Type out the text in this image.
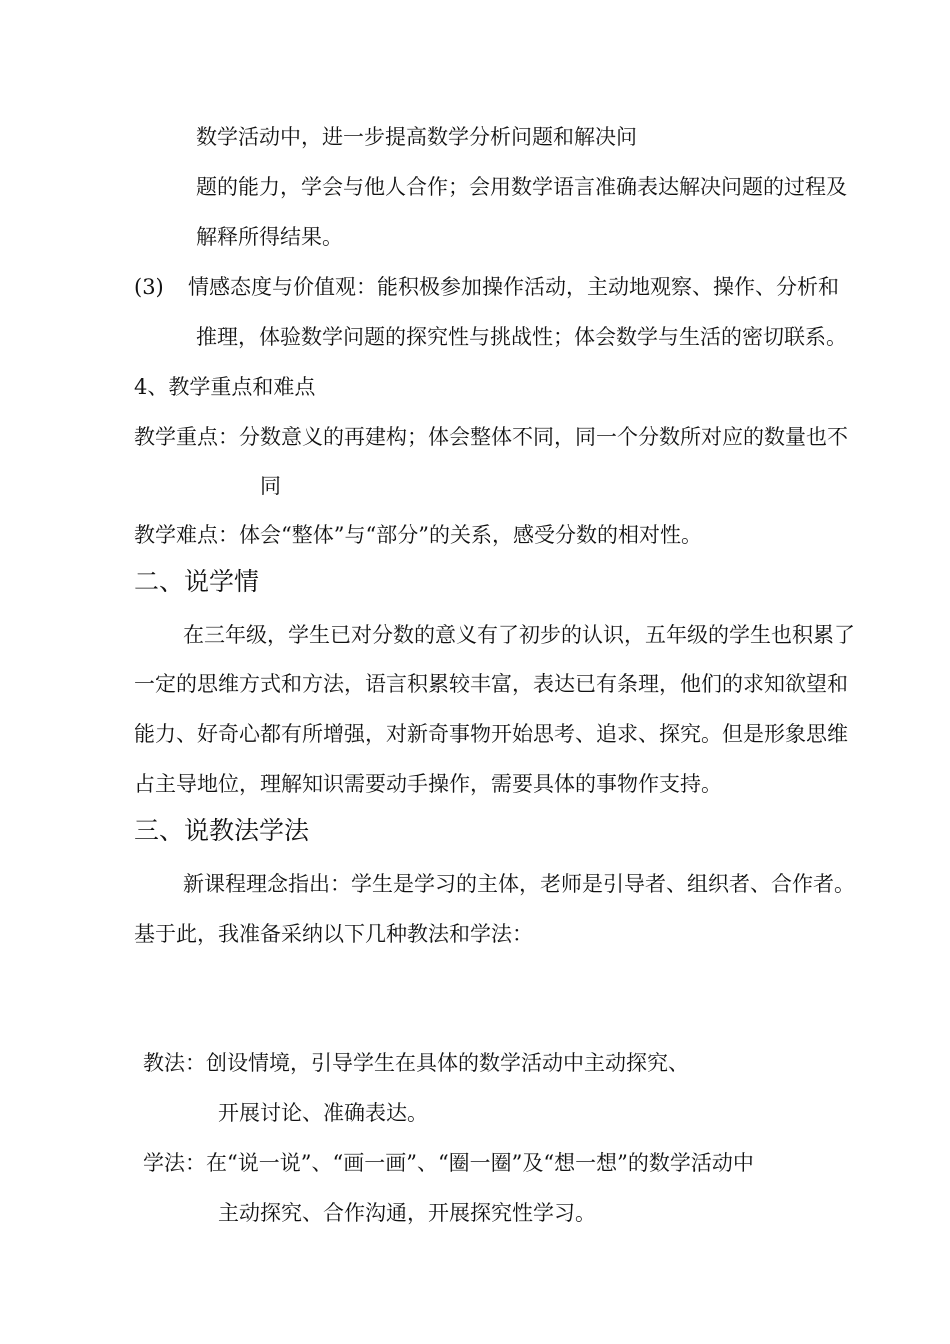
数学活动中，进一步提高数学分析问题和解决问
题的能力，学会与他人合作；会用数学语言准确表达解决问题的过程及
解释所得结果。
(3) 情感态度与价值观：能积极参加操作活动，主动地观察、操作、分析和
推理，体验数学问题的探究性与挑战性；体会数学与生活的密切联系。
4、教学重点和难点
教学重点：分数意义的再建构；体会整体不同，同一个分数所对应的数量也不
同
教学难点：体会“整体”与“部分”的关系，感受分数的相对性。
二、说学情
在三年级，学生已对分数的意义有了初步的认识，五年级的学生也积累了
一定的思维方式和方法，语言积累较丰富，表达已有条理，他们的求知欲望和
能力、好奇心都有所增强，对新奇事物开始思考、追求、探究。但是形象思维
占主导地位，理解知识需要动手操作，需要具体的事物作支持。
三、说教法学法
新课程理念指出：学生是学习的主体，老师是引导者、组织者、合作者。
基于此，我准备采纳以下几种教法和学法：
教法：创设情境，引导学生在具体的数学活动中主动探究、
开展讨论、准确表达。
学法：在“说一说”、“画一画”、“圈一圈”及“想一想”的数学活动中
主动探究、合作沟通，开展探究性学习。
